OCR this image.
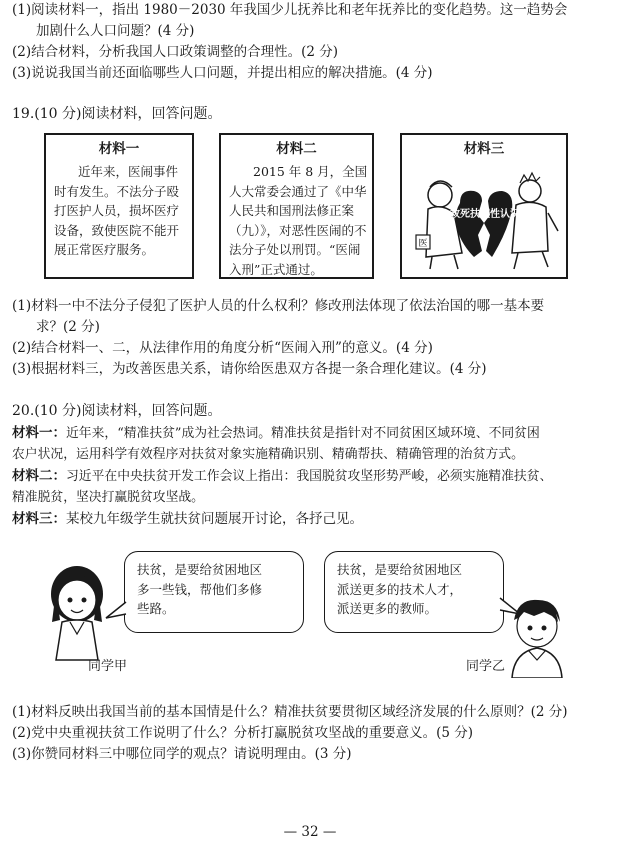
(1)阅读材料一，指出 1980－2030 年我国少儿抚养比和老年抚养比的变化趋势。这一趋势会
加剧什么人口问题？(4 分)
(2)结合材料，分析我国人口政策调整的合理性。(2 分)
(3)说说我国当前还面临哪些人口问题，并提出相应的解决措施。(4 分)
19.(10 分)阅读材料，回答问题。
材料一
近年来，医闹事件
时有发生。不法分子殴
打医护人员，损坏医疗
设备，致使医院不能开
展正常医疗服务。
材料二
2015 年 8 月，全国
人大常委会通过了《中华
人民共和国刑法修正案
（九）》，对恶性医闹的不
法分子处以刑罚。“医闹
入刑”正式通过。
材料三
医
救死扶伤
理性认识
(1)材料一中不法分子侵犯了医护人员的什么权利？修改刑法体现了依法治国的哪一基本要
求？(2 分)
(2)结合材料一、二，从法律作用的角度分析“医闹入刑”的意义。(4 分)
(3)根据材料三，为改善医患关系，请你给医患双方各提一条合理化建议。(4 分)
20.(10 分)阅读材料，回答问题。
材料一：近年来，“精准扶贫”成为社会热词。精准扶贫是指针对不同贫困区域环境、不同贫困
农户状况，运用科学有效程序对扶贫对象实施精确识别、精确帮扶、精确管理的治贫方式。
材料二：习近平在中央扶贫开发工作会议上指出：我国脱贫攻坚形势严峻，必须实施精准扶贫、
精准脱贫，坚决打赢脱贫攻坚战。
材料三：某校九年级学生就扶贫问题展开讨论，各抒己见。
扶贫，是要给贫困地区
多一些钱，帮他们多修
些路。
扶贫，是要给贫困地区
派送更多的技术人才，
派送更多的教师。
同学甲	同学乙
(1)材料反映出我国当前的基本国情是什么？精准扶贫要贯彻区域经济发展的什么原则？(2 分)
(2)党中央重视扶贫工作说明了什么？分析打赢脱贫攻坚战的重要意义。(5 分)
(3)你赞同材料三中哪位同学的观点？请说明理由。(3 分)
— 32 —
